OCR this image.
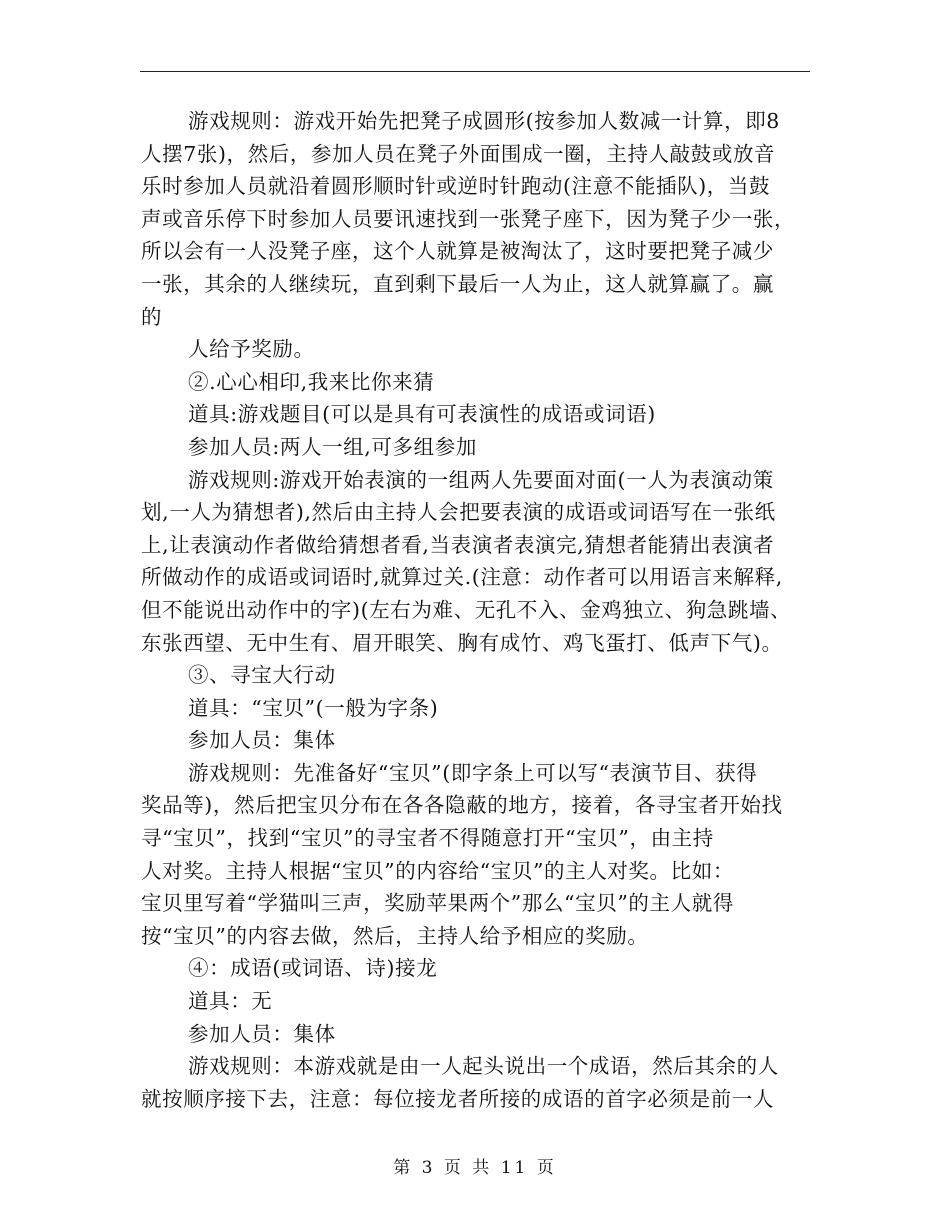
游戏规则：游戏开始先把凳子成圆形(按参加人数减一计算，即8
人摆7张)，然后，参加人员在凳子外面围成一圈，主持人敲鼓或放音
乐时参加人员就沿着圆形顺时针或逆时针跑动(注意不能插队)，当鼓
声或音乐停下时参加人员要讯速找到一张凳子座下，因为凳子少一张，
所以会有一人没凳子座，这个人就算是被淘汰了，这时要把凳子减少
一张，其余的人继续玩，直到剩下最后一人为止，这人就算赢了。赢
的
人给予奖励。
②.心心相印,我来比你来猜
道具:游戏题目(可以是具有可表演性的成语或词语)
参加人员:两人一组,可多组参加
游戏规则:游戏开始表演的一组两人先要面对面(一人为表演动策
划,一人为猜想者),然后由主持人会把要表演的成语或词语写在一张纸
上,让表演动作者做给猜想者看,当表演者表演完,猜想者能猜出表演者
所做动作的成语或词语时,就算过关.(注意：动作者可以用语言来解释,
但不能说出动作中的字)(左右为难、无孔不入、金鸡独立、狗急跳墙、
东张西望、无中生有、眉开眼笑、胸有成竹、鸡飞蛋打、低声下气)。
③、寻宝大行动
道具：“宝贝”(一般为字条)
参加人员：集体
游戏规则：先准备好“宝贝”(即字条上可以写“表演节目、获得
奖品等)，然后把宝贝分布在各各隐蔽的地方，接着，各寻宝者开始找
寻“宝贝”，找到“宝贝”的寻宝者不得随意打开“宝贝”，由主持
人对奖。主持人根据“宝贝”的内容给“宝贝”的主人对奖。比如：
宝贝里写着“学猫叫三声，奖励苹果两个”那么“宝贝”的主人就得
按“宝贝”的内容去做，然后，主持人给予相应的奖励。
④：成语(或词语、诗)接龙
道具：无
参加人员：集体
游戏规则：本游戏就是由一人起头说出一个成语，然后其余的人
就按顺序接下去，注意：每位接龙者所接的成语的首字必须是前一人
第 3 页 共 11 页
